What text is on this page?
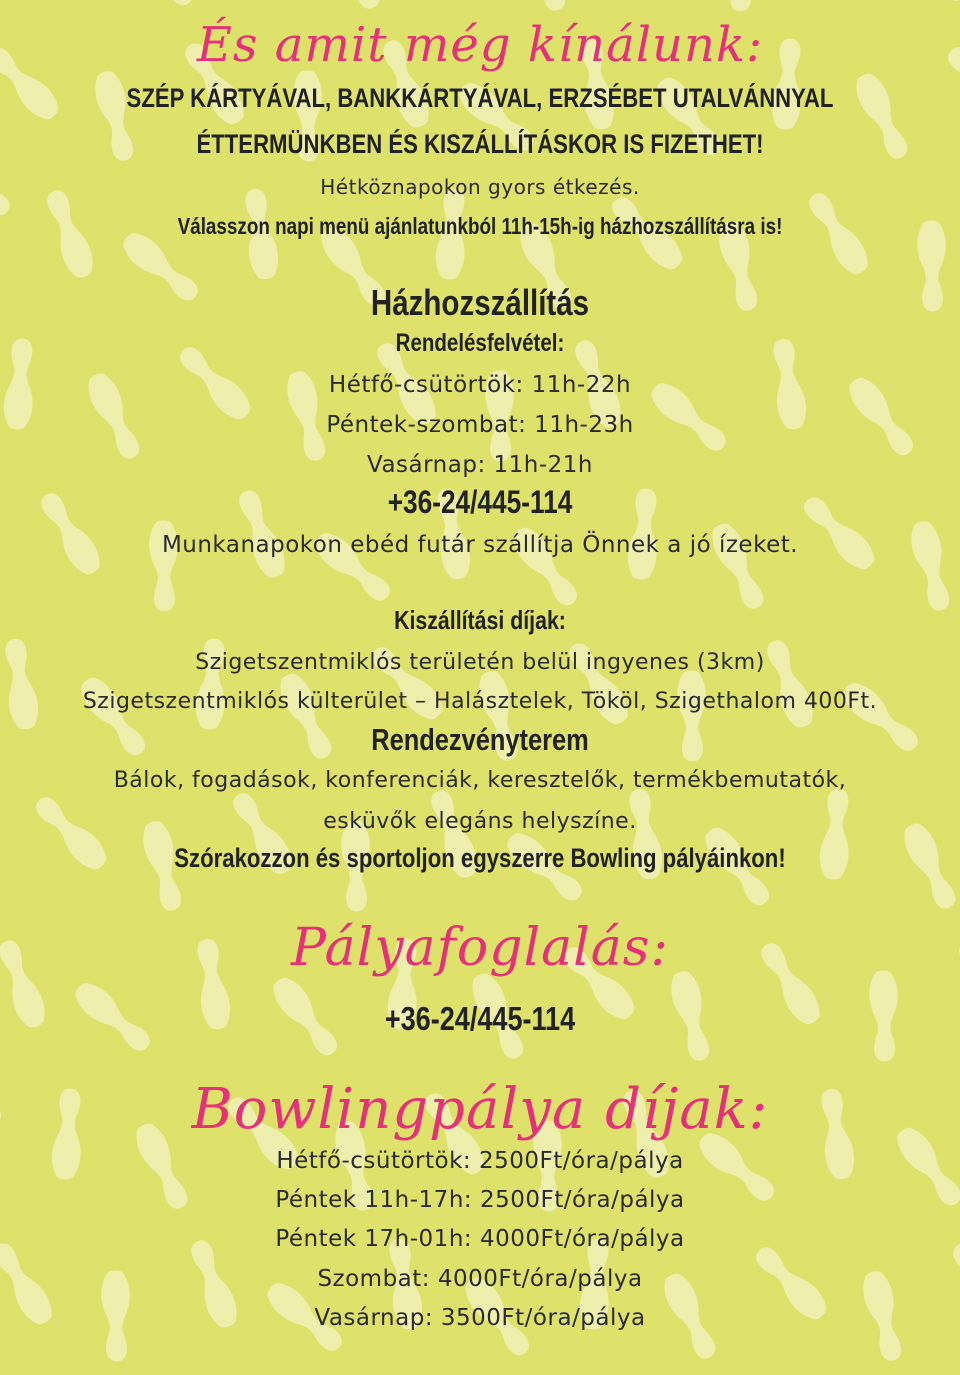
És amit még kínálunk:
SZÉP KÁRTYÁVAL, BANKKÁRTYÁVAL, ERZSÉBET UTALVÁNNYAL
ÉTTERMÜNKBEN ÉS KISZÁLLÍTÁSKOR IS FIZETHET!
Hétköznapokon gyors étkezés.
Válasszon napi menü ajánlatunkból 11h-15h-ig házhozszállításra is!
Házhozszállítás
Rendelésfelvétel:
Hétfő-csütörtök: 11h-22h
Péntek-szombat: 11h-23h
Vasárnap: 11h-21h
+36-24/445-114
Munkanapokon ebéd futár szállítja Önnek a jó ízeket.
Kiszállítási díjak:
Szigetszentmiklós területén belül ingyenes (3km)
Szigetszentmiklós külterület – Halásztelek, Tököl, Szigethalom 400Ft.
Rendezvényterem
Bálok, fogadások, konferenciák, keresztelők, termékbemutatók,
esküvők elegáns helyszíne.
Szórakozzon és sportoljon egyszerre Bowling pályáinkon!
Pályafoglalás:
+36-24/445-114
Bowlingpálya díjak:
Hétfő-csütörtök: 2500Ft/óra/pálya
Péntek 11h-17h: 2500Ft/óra/pálya
Péntek 17h-01h: 4000Ft/óra/pálya
Szombat: 4000Ft/óra/pálya
Vasárnap: 3500Ft/óra/pálya
